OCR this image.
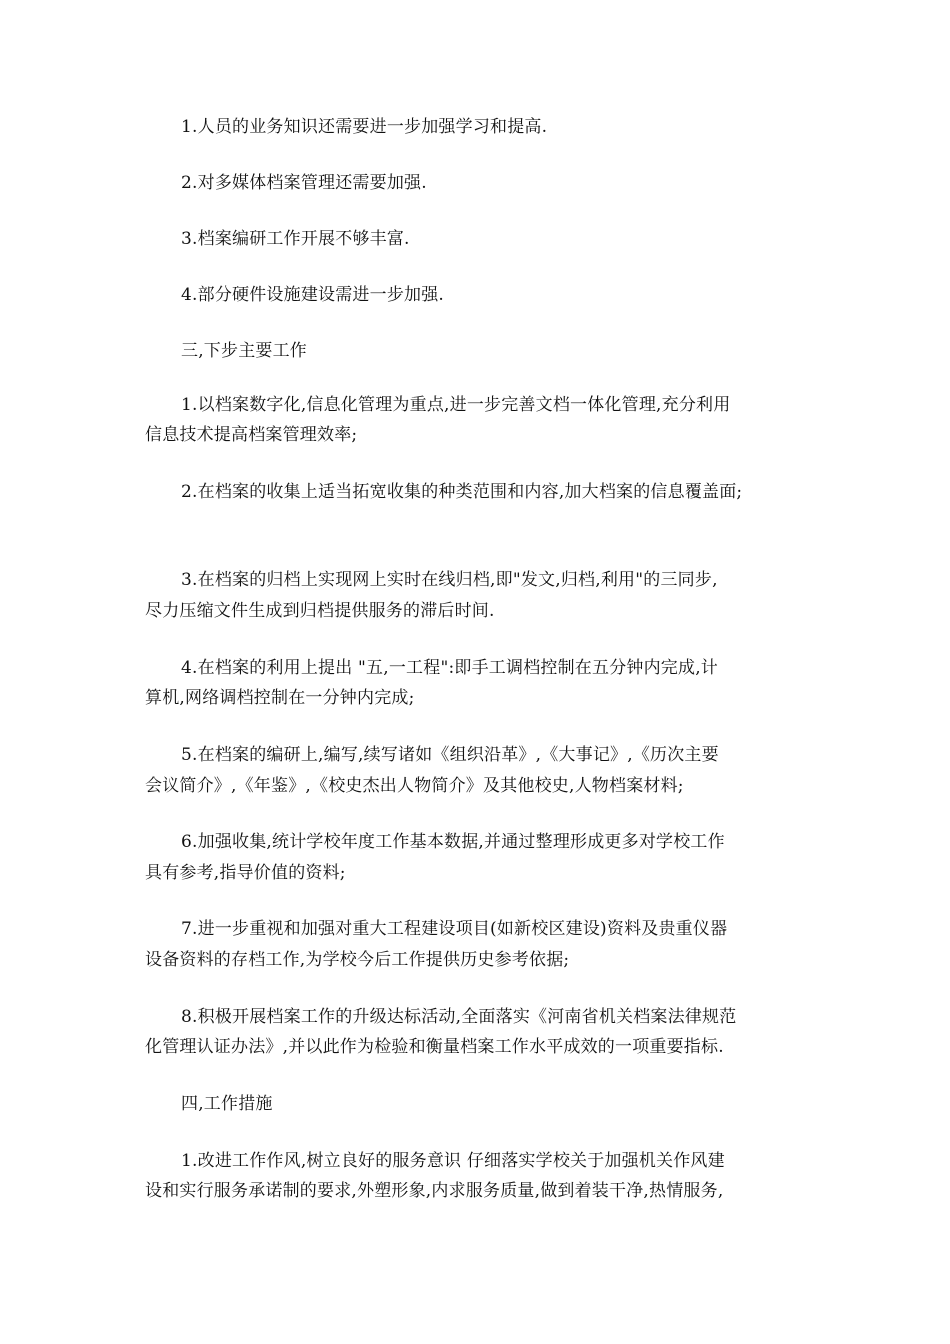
1.人员的业务知识还需要进一步加强学习和提高.
2.对多媒体档案管理还需要加强.
3.档案编研工作开展不够丰富.
4.部分硬件设施建设需进一步加强.
三,下步主要工作
1.以档案数字化,信息化管理为重点,进一步完善文档一体化管理,充分利用
信息技术提高档案管理效率;
2.在档案的收集上适当拓宽收集的种类范围和内容,加大档案的信息覆盖面;
3.在档案的归档上实现网上实时在线归档,即"发文,归档,利用"的三同步,
尽力压缩文件生成到归档提供服务的滞后时间.
4.在档案的利用上提出 "五,一工程":即手工调档控制在五分钟内完成,计
算机,网络调档控制在一分钟内完成;
5.在档案的编研上,编写,续写诸如《组织沿革》,《大事记》,《历次主要
会议简介》,《年鉴》,《校史杰出人物简介》及其他校史,人物档案材料;
6.加强收集,统计学校年度工作基本数据,并通过整理形成更多对学校工作
具有参考,指导价值的资料;
7.进一步重视和加强对重大工程建设项目(如新校区建设)资料及贵重仪器
设备资料的存档工作,为学校今后工作提供历史参考依据;
8.积极开展档案工作的升级达标活动,全面落实《河南省机关档案法律规范
化管理认证办法》,并以此作为检验和衡量档案工作水平成效的一项重要指标.
四,工作措施
1.改进工作作风,树立良好的服务意识 仔细落实学校关于加强机关作风建
设和实行服务承诺制的要求,外塑形象,内求服务质量,做到着装干净,热情服务,
